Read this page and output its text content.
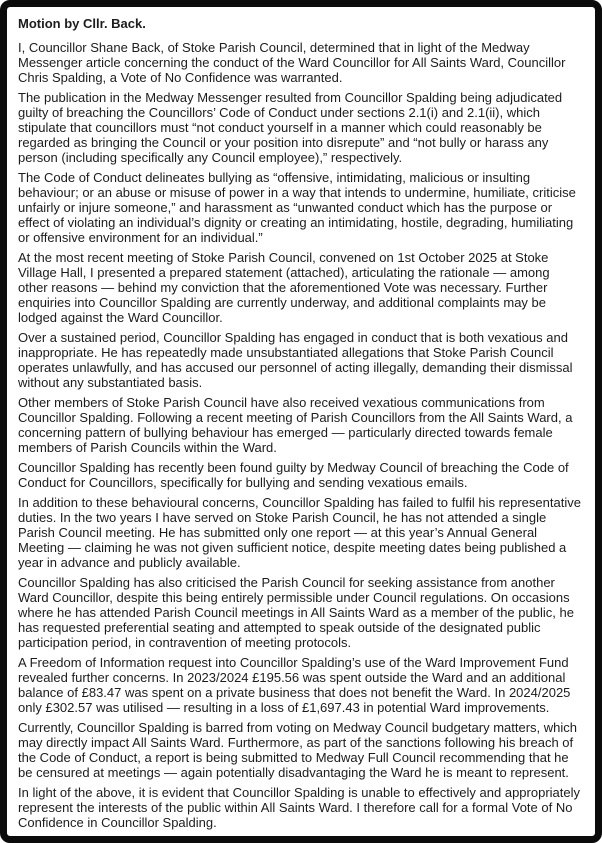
Motion by Cllr. Back.

I, Councillor Shane Back, of Stoke Parish Council, determined that in light of the Medway Messenger article concerning the conduct of the Ward Councillor for All Saints Ward, Councillor Chris Spalding, a Vote of No Confidence was warranted.

The publication in the Medway Messenger resulted from Councillor Spalding being adjudicated guilty of breaching the Councillors’ Code of Conduct under sections 2.1(i) and 2.1(ii), which stipulate that councillors must “not conduct yourself in a manner which could reasonably be regarded as bringing the Council or your position into disrepute” and “not bully or harass any person (including specifically any Council employee),” respectively.

The Code of Conduct delineates bullying as “offensive, intimidating, malicious or insulting behaviour; or an abuse or misuse of power in a way that intends to undermine, humiliate, criticise unfairly or injure someone,” and harassment as “unwanted conduct which has the purpose or effect of violating an individual’s dignity or creating an intimidating, hostile, degrading, humiliating or offensive environment for an individual.”

At the most recent meeting of Stoke Parish Council, convened on 1st October 2025 at Stoke Village Hall, I presented a prepared statement (attached), articulating the rationale — among other reasons — behind my conviction that the aforementioned Vote was necessary. Further enquiries into Councillor Spalding are currently underway, and additional complaints may be lodged against the Ward Councillor.

Over a sustained period, Councillor Spalding has engaged in conduct that is both vexatious and inappropriate. He has repeatedly made unsubstantiated allegations that Stoke Parish Council operates unlawfully, and has accused our personnel of acting illegally, demanding their dismissal without any substantiated basis.

Other members of Stoke Parish Council have also received vexatious communications from Councillor Spalding. Following a recent meeting of Parish Councillors from the All Saints Ward, a concerning pattern of bullying behaviour has emerged — particularly directed towards female members of Parish Councils within the Ward.

Councillor Spalding has recently been found guilty by Medway Council of breaching the Code of Conduct for Councillors, specifically for bullying and sending vexatious emails.

In addition to these behavioural concerns, Councillor Spalding has failed to fulfil his representative duties. In the two years I have served on Stoke Parish Council, he has not attended a single Parish Council meeting. He has submitted only one report — at this year’s Annual General Meeting — claiming he was not given sufficient notice, despite meeting dates being published a year in advance and publicly available.

Councillor Spalding has also criticised the Parish Council for seeking assistance from another Ward Councillor, despite this being entirely permissible under Council regulations. On occasions where he has attended Parish Council meetings in All Saints Ward as a member of the public, he has requested preferential seating and attempted to speak outside of the designated public participation period, in contravention of meeting protocols.

A Freedom of Information request into Councillor Spalding’s use of the Ward Improvement Fund revealed further concerns. In 2023/2024 £195.56 was spent outside the Ward and an additional balance of £83.47 was spent on a private business that does not benefit the Ward. In 2024/2025 only £302.57 was utilised — resulting in a loss of £1,697.43 in potential Ward improvements.

Currently, Councillor Spalding is barred from voting on Medway Council budgetary matters, which may directly impact All Saints Ward. Furthermore, as part of the sanctions following his breach of the Code of Conduct, a report is being submitted to Medway Full Council recommending that he be censured at meetings — again potentially disadvantaging the Ward he is meant to represent.

In light of the above, it is evident that Councillor Spalding is unable to effectively and appropriately represent the interests of the public within All Saints Ward. I therefore call for a formal Vote of No Confidence in Councillor Spalding.
